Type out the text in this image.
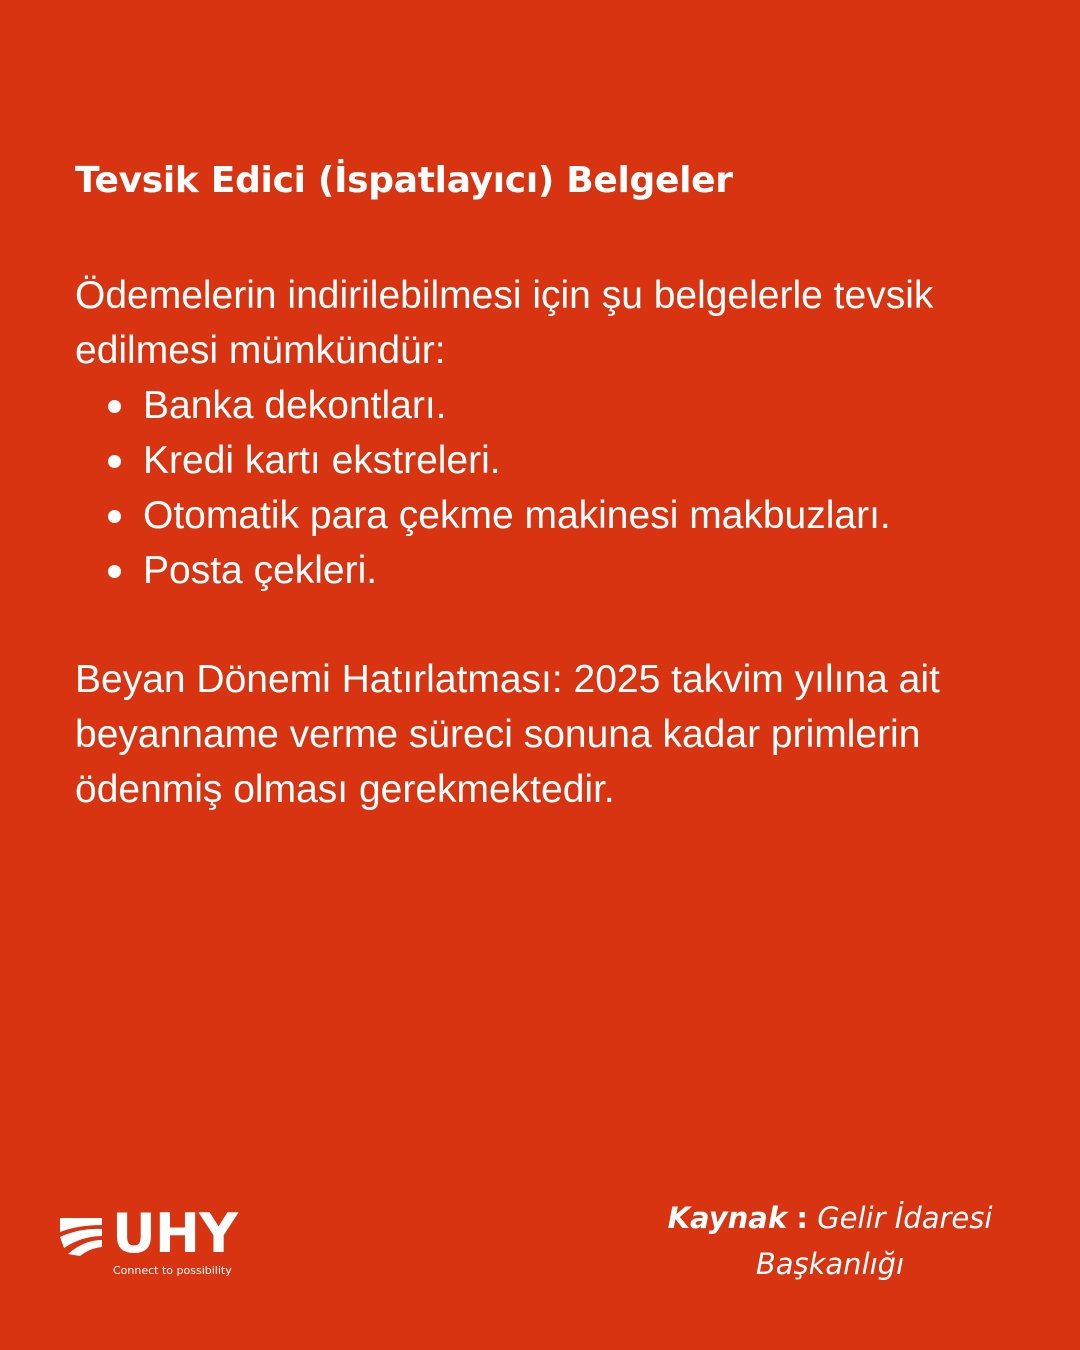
Tevsik Edici (İspatlayıcı) Belgeler

Ödemelerin indirilebilmesi için şu belgelerle tevsik edilmesi mümkündür:

Banka dekontları.
Kredi kartı ekstreleri.
Otomatik para çekme makinesi makbuzları.
Posta çekleri.

Beyan Dönemi Hatırlatması: 2025 takvim yılına ait beyanname verme süreci sonuna kadar primlerin ödenmiş olması gerekmektedir.

UHY
Connect to possibility
Kaynak : Gelir İdaresi Başkanlığı
